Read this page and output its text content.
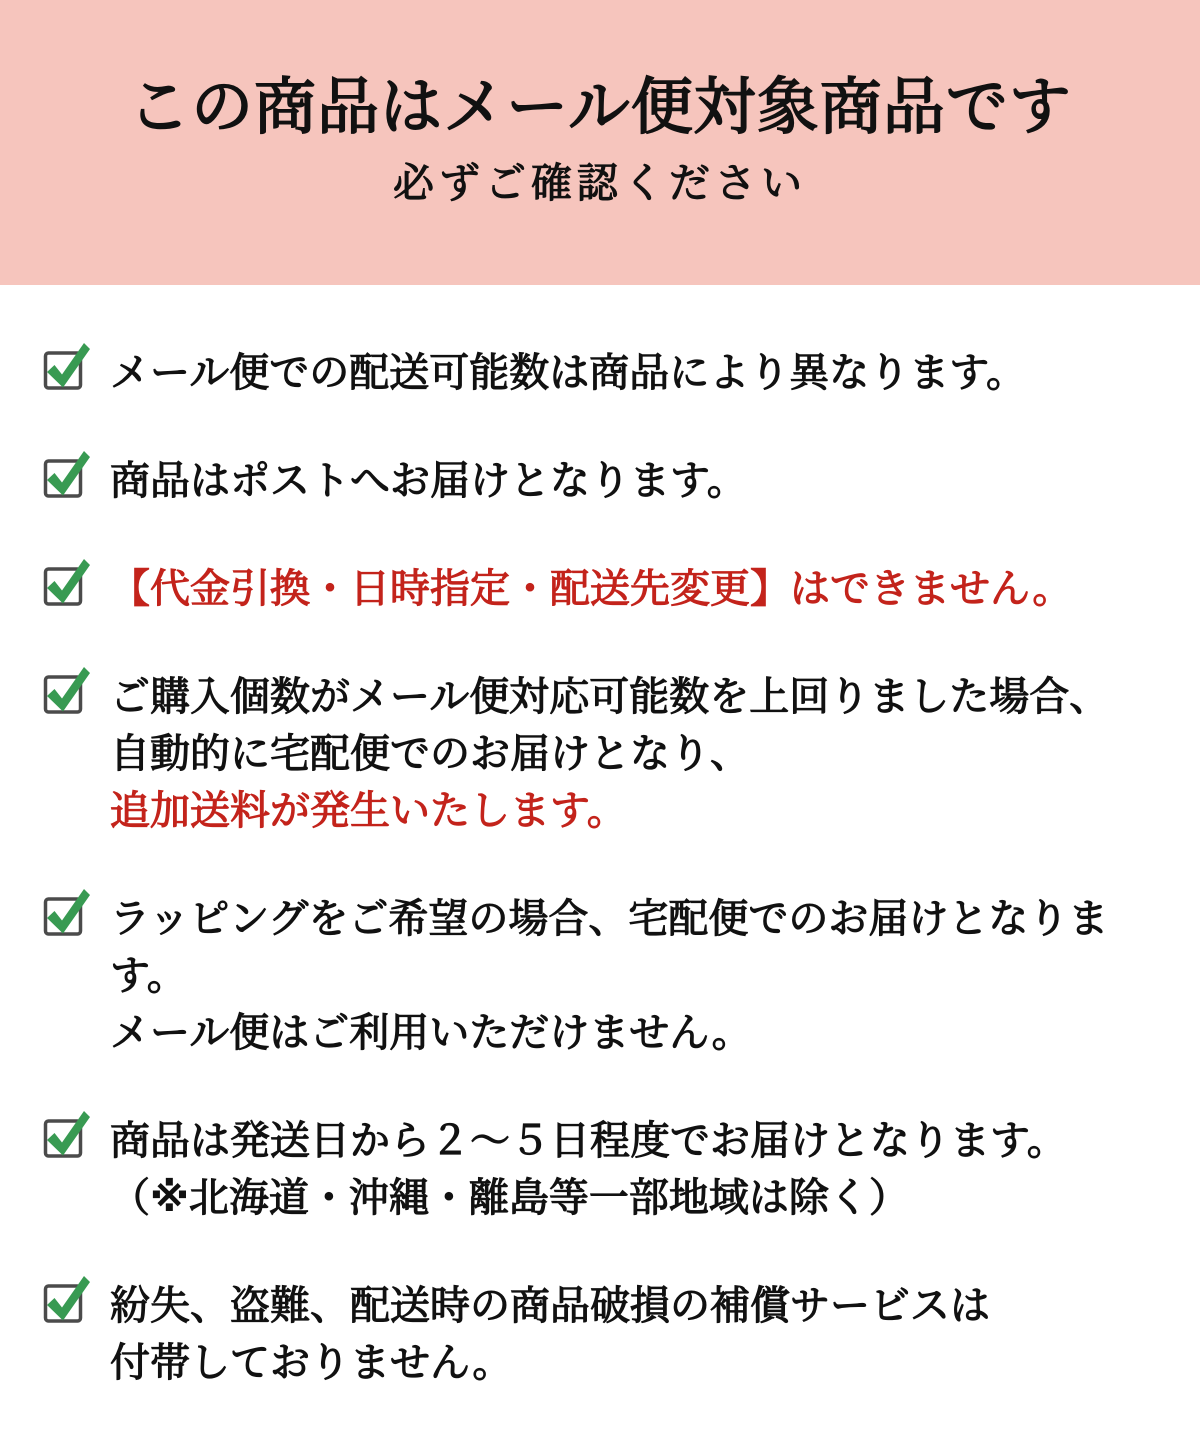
この商品はメール便対象商品です
必ずご確認ください

メール便での配送可能数は商品により異なります。

商品はポストへお届けとなります。

【代金引換・日時指定・配送先変更】はできません。

ご購入個数がメール便対応可能数を上回りました場合、

自動的に宅配便でのお届けとなり、

追加送料が発生いたします。

ラッピングをご希望の場合、宅配便でのお届けとなります。

メール便はご利用いただけません。

商品は発送日から２〜５日程度でお届けとなります。

（※北海道・沖縄・離島等一部地域は除く）

紛失、盗難、配送時の商品破損の補償サービスは

付帯しておりません。
